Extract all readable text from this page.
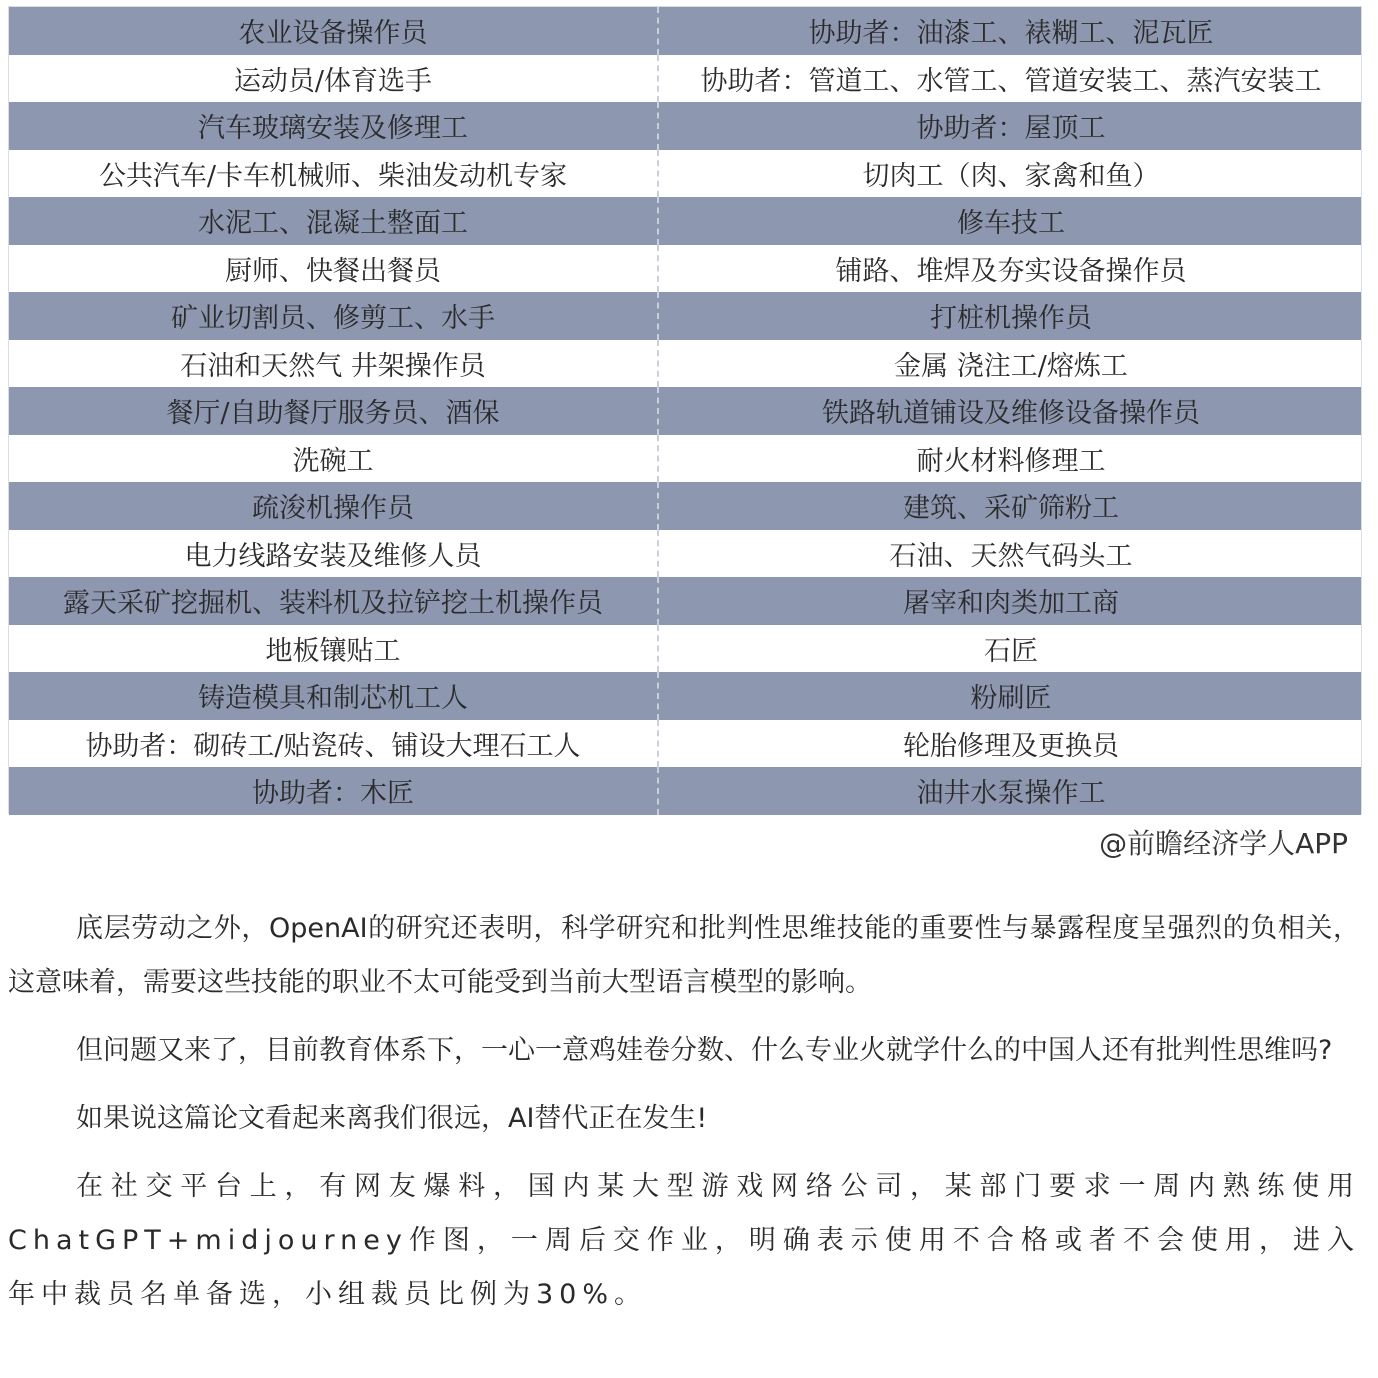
农业设备操作员	协助者：油漆工、裱糊工、泥瓦匠
运动员/体育选手	协助者：管道工、水管工、管道安装工、蒸汽安装工
汽车玻璃安装及修理工	协助者：屋顶工
公共汽车/卡车机械师、柴油发动机专家	切肉工（肉、家禽和鱼）
水泥工、混凝土整面工	修车技工
厨师、快餐出餐员	铺路、堆焊及夯实设备操作员
矿业切割员、修剪工、水手	打桩机操作员
石油和天然气 井架操作员	金属 浇注工/熔炼工
餐厅/自助餐厅服务员、酒保	铁路轨道铺设及维修设备操作员
洗碗工	耐火材料修理工
疏浚机操作员	建筑、采矿筛粉工
电力线路安装及维修人员	石油、天然气码头工
露天采矿挖掘机、装料机及拉铲挖土机操作员	屠宰和肉类加工商
地板镶贴工	石匠
铸造模具和制芯机工人	粉刷匠
协助者：砌砖工/贴瓷砖、铺设大理石工人	轮胎修理及更换员
协助者：木匠	油井水泵操作工
@前瞻经济学人APP

底层劳动之外，OpenAI的研究还表明，科学研究和批判性思维技能的重要性与暴露程度呈强烈的负相关，这意味着，需要这些技能的职业不太可能受到当前大型语言模型的影响。

但问题又来了，目前教育体系下，一心一意鸡娃卷分数、什么专业火就学什么的中国人还有批判性思维吗?

如果说这篇论文看起来离我们很远，AI替代正在发生!

在社交平台上，有网友爆料，国内某大型游戏网络公司，某部门要求一周内熟练使用ChatGPT+midjourney作图，一周后交作业，明确表示使用不合格或者不会使用，进入年中裁员名单备选，小组裁员比例为30%。
